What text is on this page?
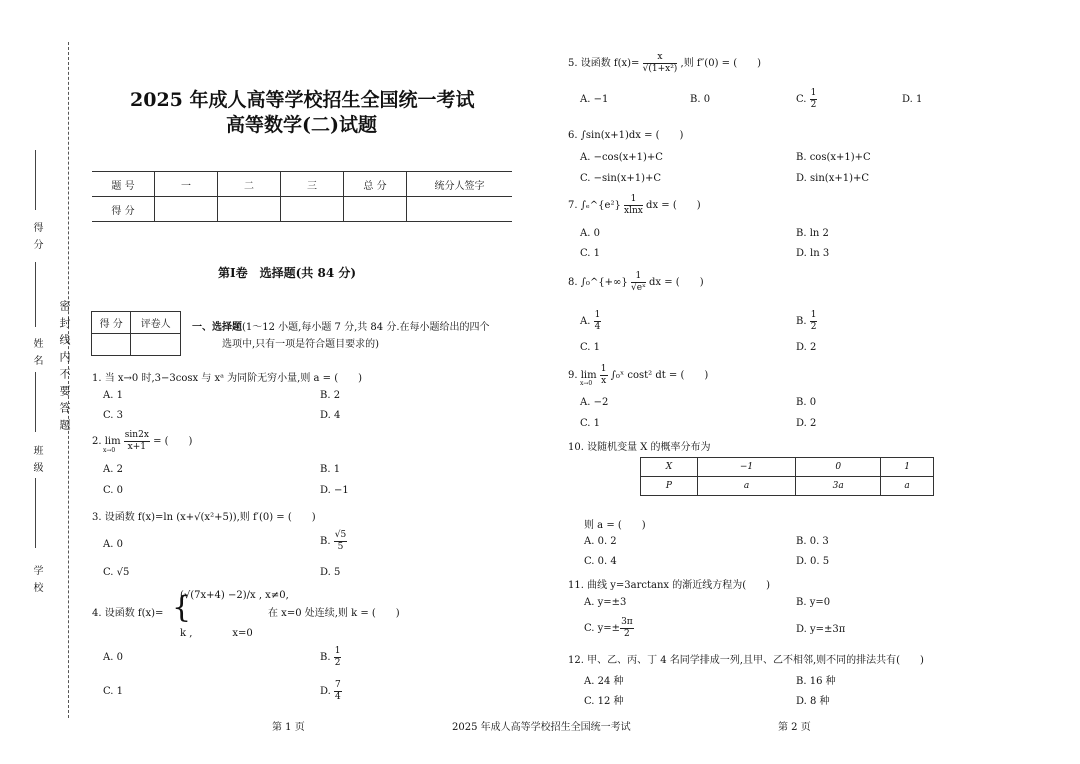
得 分
姓 名
班 级
学 校
密封线内不要答题
2025 年成人高等学校招生全国统一考试
高等数学(二)试题
题 号	一	二	三	总 分	统分人签字
得 分					
第Ⅰ卷　选择题(共 84 分)
得 分	评卷人
	一、选择题(1～12 小题,每小题 7 分,共 84 分.在每小题给出的四个
选项中,只有一项是符合题目要求的)
1. 当 x→0 时,3−3cosx 与 xᵃ 为同阶无穷小量,则 a = (　　)
A. 1	B. 2
C. 3	D. 4
2. $\lim \frac{\sin 2x}{x+1}$ = (　　)
x→0
A. 2	B. 1
C. 0	D. −1
3. 设函数 f(x)=ln (x+√(x²+5)),则 f′(0) = (　　)
A. 0	B. $\frac{√5}{5}$
C. √5	D. 5
4. 设函数 f(x)= {
(√(7x+4) −2)/x , x≠0,
k ,　　　　x=0
在 x=0 处连续,则 k = (　　)
A. 0	B. $\frac{1}{2}$
C. 1	D. $\frac{7}{4}$
5. 设函数 $f(x)= \frac{x}{\text{√(1+x²)}}$ ,则 f″(0) = (　　)
A. −1	B. 0	C. $\frac{1}{2}$	D. 1
6. ∫sin(x+1)dx = (　　)
A. −cos(x+1)+C	B. cos(x+1)+C
C. −sin(x+1)+C	D. sin(x+1)+C
7. ∫ₑ^{e²} $\frac{1}{xlnx}$ dx = (　　)
A. 0	B. ln 2
C. 1	D. ln 3
8. ∫₀^{+∞} $\frac{1}{\text{√eˣ}}$ dx = (　　)
A. $\frac{1}{4}$	B. $\frac{1}{2}$
C. 1	D. 2
9. $\lim \frac{1}{x}$ ∫₀ˣ cost² dt = (　　)
x→0
A. −2	B. 0
C. 1	D. 2
10. 设随机变量 X 的概率分布为
X	−1	0	1
P	a	3a	a
则 a = (　　)
A. 0. 2	B. 0. 3
C. 0. 4	D. 0. 5
11. 曲线 y=3arctanx 的渐近线方程为(　　)
A. y=±3	B. y=0
C. $y=\pm \frac{3\pi}{2}$	D. y=±3π
12. 甲、乙、丙、丁 4 名同学排成一列,且甲、乙不相邻,则不同的排法共有(　　)
A. 24 种	B. 16 种
C. 12 种	D. 8 种
第 1 页	2025 年成人高等学校招生全国统一考试	第 2 页
